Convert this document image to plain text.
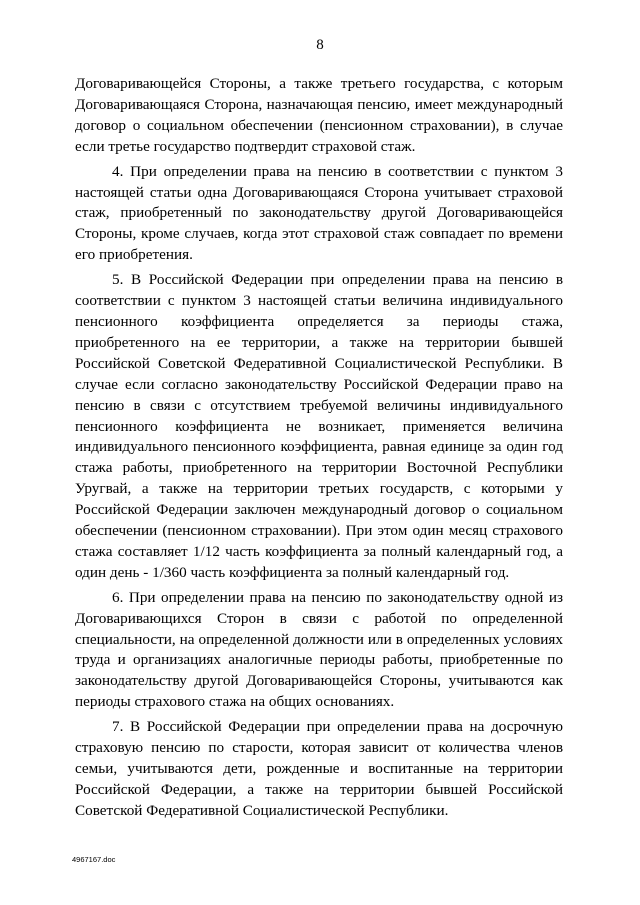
8

Договаривающейся Стороны, а также третьего государства, с которым Договаривающаяся Сторона, назначающая пенсию, имеет международный договор о социальном обеспечении (пенсионном страховании), в случае если третье государство подтвердит страховой стаж.

4. При определении права на пенсию в соответствии с пунктом 3 настоящей статьи одна Договаривающаяся Сторона учитывает страховой стаж, приобретенный по законодательству другой Договаривающейся Стороны, кроме случаев, когда этот страховой стаж совпадает по времени его приобретения.

5. В Российской Федерации при определении права на пенсию в соответствии с пунктом 3 настоящей статьи величина индивидуального пенсионного коэффициента определяется за периоды стажа, приобретенного на ее территории, а также на территории бывшей Российской Советской Федеративной Социалистической Республики. В случае если согласно законодательству Российской Федерации право на пенсию в связи с отсутствием требуемой величины индивидуального пенсионного коэффициента не возникает, применяется величина индивидуального пенсионного коэффициента, равная единице за один год стажа работы, приобретенного на территории Восточной Республики Уругвай, а также на территории третьих государств, с которыми у Российской Федерации заключен международный договор о социальном обеспечении (пенсионном страховании). При этом один месяц страхового стажа составляет 1/12 часть коэффициента за полный календарный год, а один день - 1/360 часть коэффициента за полный календарный год.

6. При определении права на пенсию по законодательству одной из Договаривающихся Сторон в связи с работой по определенной специальности, на определенной должности или в определенных условиях труда и организациях аналогичные периоды работы, приобретенные по законодательству другой Договаривающейся Стороны, учитываются как периоды страхового стажа на общих основаниях.

7. В Российской Федерации при определении права на досрочную страховую пенсию по старости, которая зависит от количества членов семьи, учитываются дети, рожденные и воспитанные на территории Российской Федерации, а также на территории бывшей Российской Советской Федеративной Социалистической Республики.

4967167.doc
